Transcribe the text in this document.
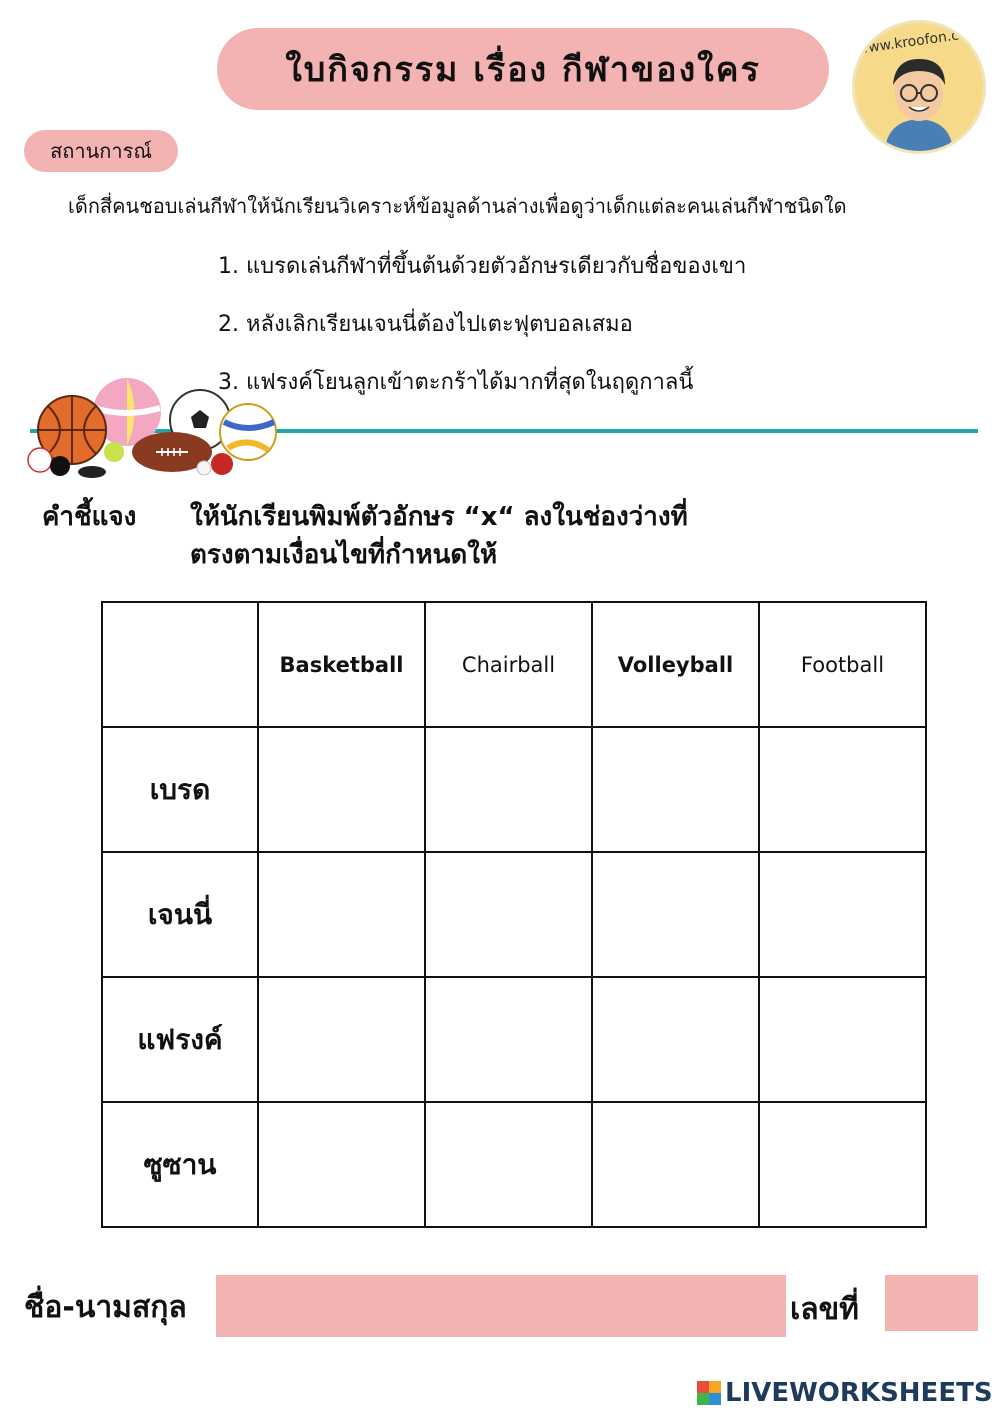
ใบกิจกรรม เรื่อง กีฬาของใคร
www.kroofon.com
สถานการณ์
เด็กสี่คนชอบเล่นกีฬาให้นักเรียนวิเคราะห์ข้อมูลด้านล่างเพื่อดูว่าเด็กแต่ละคนเล่นกีฬาชนิดใด
1. แบรดเล่นกีฬาที่ขึ้นต้นด้วยตัวอักษรเดียวกับชื่อของเขา
2. หลังเลิกเรียนเจนนี่ต้องไปเตะฟุตบอลเสมอ
3. แฟรงค์โยนลูกเข้าตะกร้าได้มากที่สุดในฤดูกาลนี้
คำชี้แจง ให้นักเรียนพิมพ์ตัวอักษร “x“ ลงในช่องว่างที่
ตรงตามเงื่อนไขที่กำหนดให้
	Basketball	Chairball	Volleyball	Football
เบรด				
เจนนี่				
แฟรงค์				
ซูซาน				
ชื่อ-นามสกุล	เลขที่
LIVEWORKSHEETS
